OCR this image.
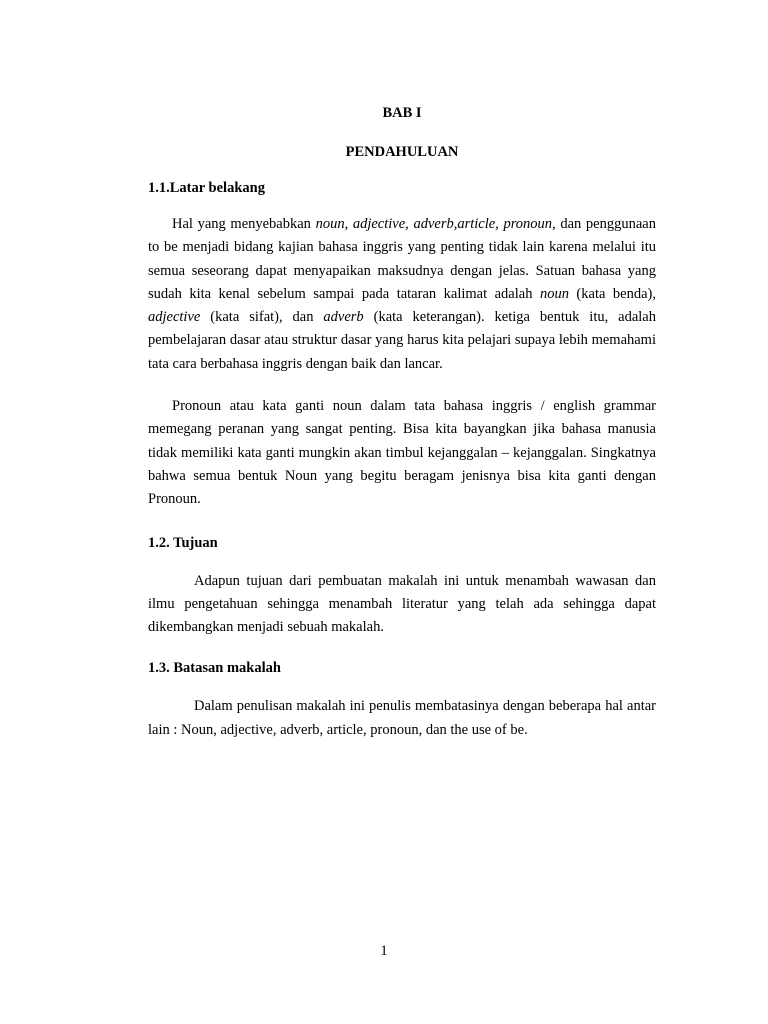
BAB I
PENDAHULUAN
1.1.Latar belakang

Hal yang menyebabkan noun, adjective, adverb,article, pronoun, dan penggunaan to be menjadi bidang kajian bahasa inggris yang penting tidak lain karena melalui itu semua seseorang dapat menyapaikan maksudnya dengan jelas. Satuan bahasa yang sudah kita kenal sebelum sampai pada tataran kalimat adalah noun (kata benda), adjective (kata sifat), dan adverb (kata keterangan). ketiga bentuk itu, adalah pembelajaran dasar atau struktur dasar yang harus kita pelajari supaya lebih memahami tata cara berbahasa inggris dengan baik dan lancar.

Pronoun atau kata ganti noun dalam tata bahasa inggris / english grammar memegang peranan yang sangat penting. Bisa kita bayangkan jika bahasa manusia tidak memiliki kata ganti mungkin akan timbul kejanggalan – kejanggalan. Singkatnya bahwa semua bentuk Noun yang begitu beragam jenisnya bisa kita ganti dengan Pronoun.

1.2. Tujuan

Adapun tujuan dari pembuatan makalah ini untuk menambah wawasan dan ilmu pengetahuan sehingga menambah literatur yang telah ada sehingga dapat dikembangkan menjadi sebuah makalah.

1.3. Batasan makalah

Dalam penulisan makalah ini penulis membatasinya dengan beberapa hal antar lain : Noun, adjective, adverb, article, pronoun, dan the use of be.

1
